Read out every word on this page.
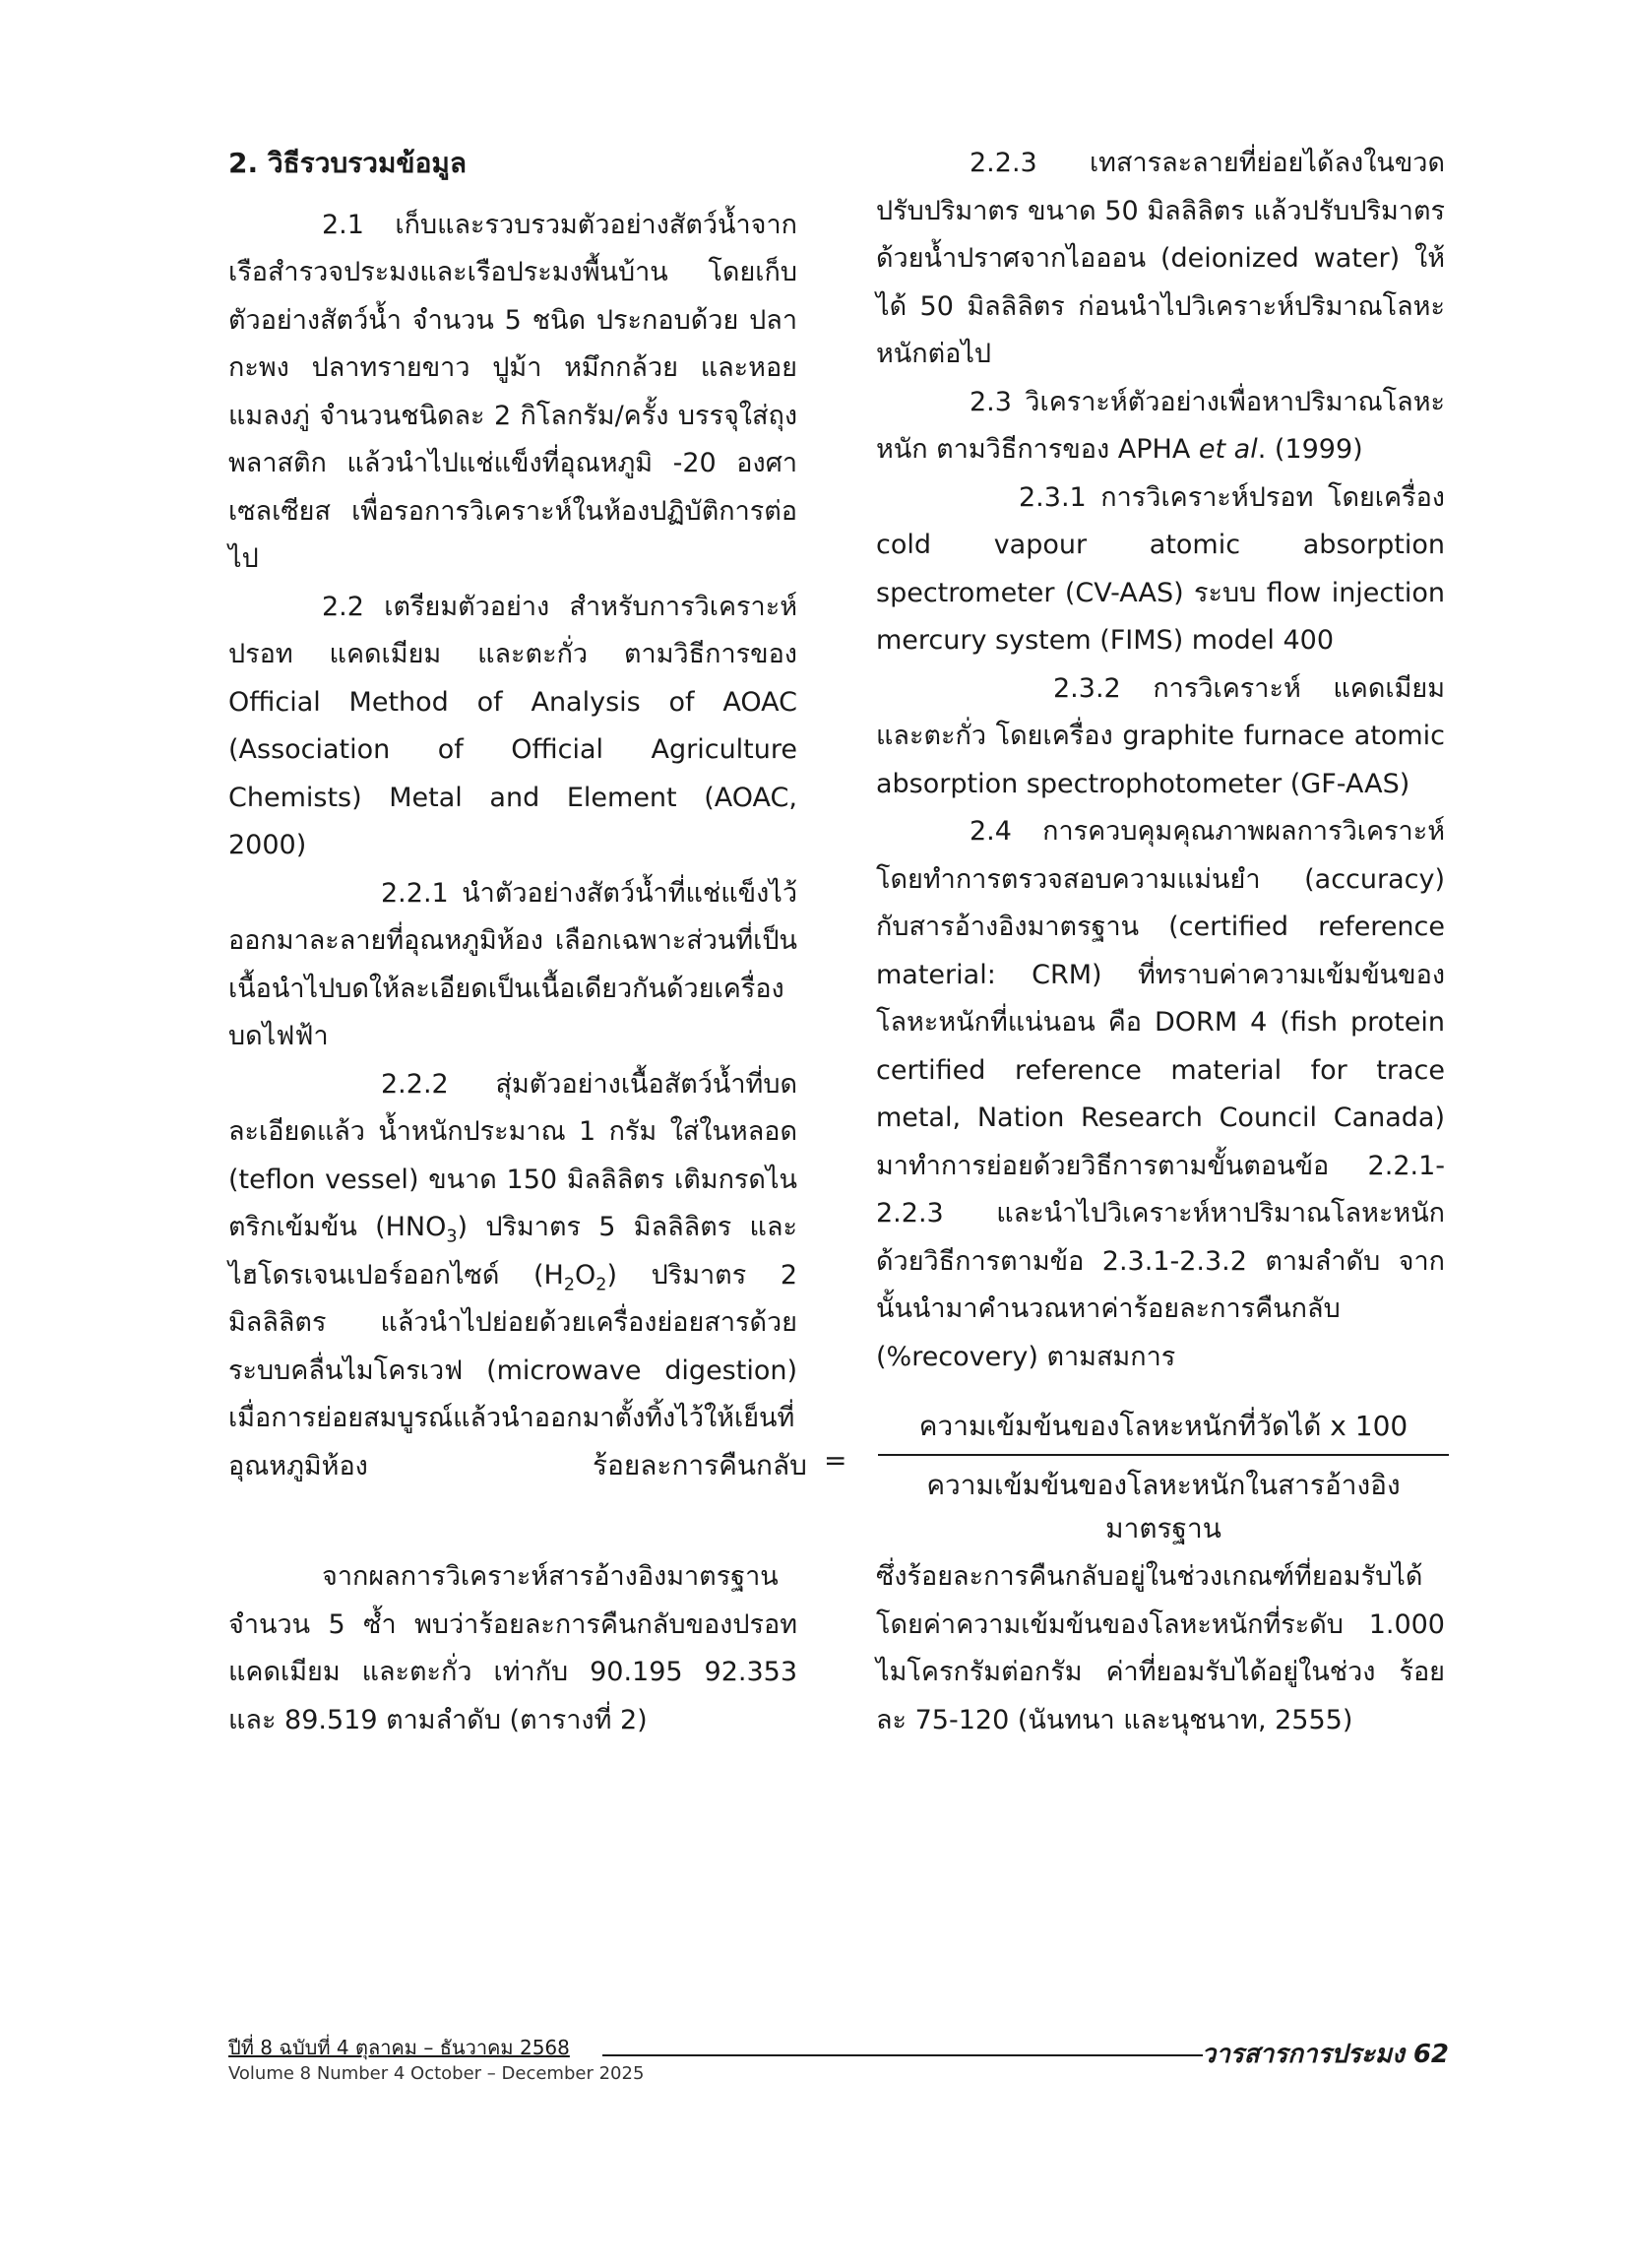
2. วิธีรวบรวมข้อมูล

2.1 เก็บและรวบรวมตัวอย่างสัตว์น้ำจากเรือสำรวจประมงและเรือประมงพื้นบ้าน โดยเก็บตัวอย่างสัตว์น้ำ จำนวน 5 ชนิด ประกอบด้วย ปลากะพง ปลาทรายขาว ปูม้า หมึกกล้วย และหอยแมลงภู่ จำนวนชนิดละ 2 กิโลกรัม/ครั้ง บรรจุใส่ถุงพลาสติก แล้วนำไปแช่แข็งที่อุณหภูมิ -20 องศาเซลเซียส เพื่อรอการวิเคราะห์ในห้องปฏิบัติการต่อไป

2.2 เตรียมตัวอย่าง สำหรับการวิเคราะห์ ปรอท แคดเมียม และตะกั่ว ตามวิธีการของ Official Method of Analysis of AOAC (Association of Official Agriculture Chemists) Metal and Element (AOAC, 2000)

2.2.1 นำตัวอย่างสัตว์น้ำที่แช่แข็งไว้ออกมาละลายที่อุณหภูมิห้อง เลือกเฉพาะส่วนที่เป็นเนื้อนำไปบดให้ละเอียดเป็นเนื้อเดียวกันด้วยเครื่องบดไฟฟ้า

2.2.2 สุ่มตัวอย่างเนื้อสัตว์น้ำที่บดละเอียดแล้ว น้ำหนักประมาณ 1 กรัม ใส่ในหลอด (teflon vessel) ขนาด 150 มิลลิลิตร เติมกรดไนตริกเข้มข้น $(HNO_3)$ ปริมาตร 5 มิลลิลิตร และไฮโดรเจนเปอร์ออกไซด์ $(H_2O_2)$ ปริมาตร 2 มิลลิลิตร แล้วนำไปย่อยด้วยเครื่องย่อยสารด้วยระบบคลื่นไมโครเวฟ (microwave digestion) เมื่อการย่อยสมบูรณ์แล้วนำออกมาตั้งทิ้งไว้ให้เย็นที่อุณหภูมิห้อง

2.2.3 เทสารละลายที่ย่อยได้ลงในขวดปรับปริมาตร ขนาด 50 มิลลิลิตร แล้วปรับปริมาตรด้วยน้ำปราศจากไอออน (deionized water) ให้ได้ 50 มิลลิลิตร ก่อนนำไปวิเคราะห์ปริมาณโลหะหนักต่อไป

2.3 วิเคราะห์ตัวอย่างเพื่อหาปริมาณโลหะหนัก ตามวิธีการของ APHA et al. (1999)

2.3.1 การวิเคราะห์ปรอท โดยเครื่อง cold vapour atomic absorption spectrometer (CV-AAS) ระบบ flow injection mercury system (FIMS) model 400

2.3.2 การวิเคราะห์ แคดเมียม และตะกั่ว โดยเครื่อง graphite furnace atomic absorption spectrophotometer (GF-AAS)

2.4 การควบคุมคุณภาพผลการวิเคราะห์ โดยทำการตรวจสอบความแม่นยำ (accuracy) กับสารอ้างอิงมาตรฐาน (certified reference material: CRM) ที่ทราบค่าความเข้มข้นของโลหะหนักที่แน่นอน คือ DORM 4 (fish protein certified reference material for trace metal, Nation Research Council Canada) มาทำการย่อยด้วยวิธีการตามขั้นตอนข้อ 2.2.1-2.2.3 และนำไปวิเคราะห์หาปริมาณโลหะหนักด้วยวิธีการตามข้อ 2.3.1-2.3.2 ตามลำดับ จากนั้นนำมาคำนวณหาค่าร้อยละการคืนกลับ (%recovery) ตามสมการ

ร้อยละการคืนกลับ =
ความเข้มข้นของโลหะหนักที่วัดได้ x 100
ความเข้มข้นของโลหะหนักในสารอ้างอิงมาตรฐาน

จากผลการวิเคราะห์สารอ้างอิงมาตรฐาน จำนวน 5 ซ้ำ พบว่าร้อยละการคืนกลับของปรอท แคดเมียม และตะกั่ว เท่ากับ 90.195 92.353 และ 89.519 ตามลำดับ (ตารางที่ 2)

ซึ่งร้อยละการคืนกลับอยู่ในช่วงเกณฑ์ที่ยอมรับได้ โดยค่าความเข้มข้นของโลหะหนักที่ระดับ 1.000 ไมโครกรัมต่อกรัม ค่าที่ยอมรับได้อยู่ในช่วง ร้อยละ 75-120 (นันทนา และนุชนาท, 2555)

ปีที่ 8 ฉบับที่ 4 ตุลาคม – ธันวาคม 2568
Volume 8 Number 4 October – December 2025
วารสารการประมง 62
